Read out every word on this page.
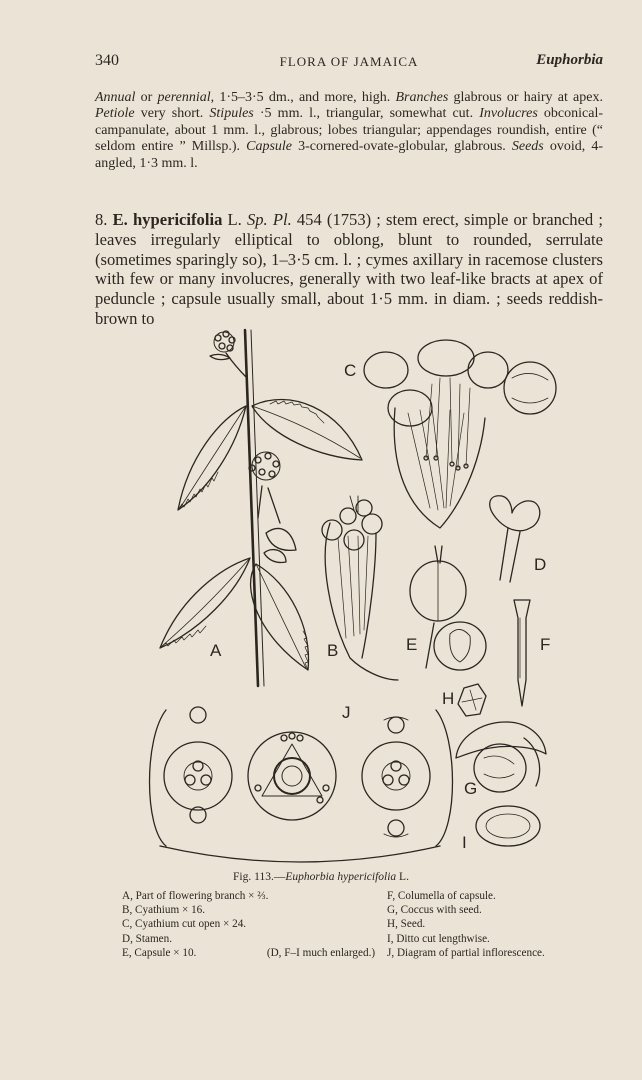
340	FLORA OF JAMAICA	Euphorbia

Annual or perennial, 1·5–3·5 dm., and more, high. Branches glabrous or hairy at apex. Petiole very short. Stipules ·5 mm. l., triangular, somewhat cut. Involucres obconical-campanulate, about 1 mm. l., glabrous; lobes triangular; appendages roundish, entire (“ seldom entire ” Millsp.). Capsule 3-cornered-ovate-globular, glabrous. Seeds ovoid, 4-angled, 1·3 mm. l.

8. E. hypericifolia L. Sp. Pl. 454 (1753) ; stem erect, simple or branched ; leaves irregularly elliptical to oblong, blunt to rounded, serrulate (sometimes sparingly so), 1–3·5 cm. l. ; cymes axillary in racemose clusters with few or many involucres, generally with two leaf-like bracts at apex of peduncle ; capsule usually small, about 1·5 mm. in diam. ; seeds reddish-brown to

A	B
C
D
E	F
G
H
I
J
Fig. 113.—Euphorbia hypericifolia L.
A, Part of flowering branch × ⅔.
B, Cyathium × 16.
C, Cyathium cut open × 24.
D, Stamen.
E, Capsule × 10.
F, Columella of capsule.
G, Coccus with seed.
H, Seed.
I, Ditto cut lengthwise.
J, Diagram of partial inflorescence.
(D, F–I much enlarged.)
